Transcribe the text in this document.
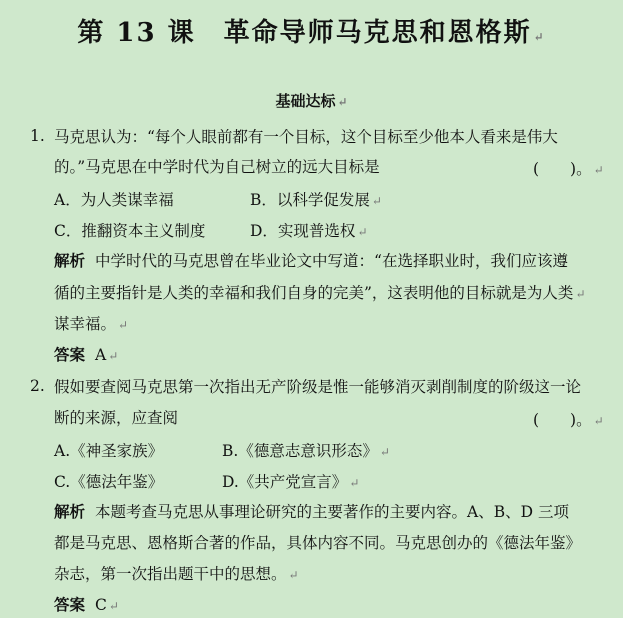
第 13 课　革命导师马克思和恩格斯 ↵
基础达标 ↵
1. 马克思认为：“每个人眼前都有一个目标，这个目标至少他本人看来是伟大
的。”马克思在中学时代为自己树立的远大目标是	(　　)。 ↵
A．为人类谋幸福	B．以科学促发展 ↵
C．推翻资本主义制度	D．实现普选权 ↵
解析 中学时代的马克思曾在毕业论文中写道：“在选择职业时，我们应该遵
循的主要指针是人类的幸福和我们自身的完美”，这表明他的目标就是为人类 ↵
谋幸福。 ↵
答案 A ↵
2. 假如要查阅马克思第一次指出无产阶级是惟一能够消灭剥削制度的阶级这一论
断的来源，应查阅	(　　)。 ↵
A.《神圣家族》	B.《德意志意识形态》 ↵
C.《德法年鉴》	D.《共产党宣言》 ↵
解析 本题考查马克思从事理论研究的主要著作的主要内容。A、B、D 三项
都是马克思、恩格斯合著的作品，具体内容不同。马克思创办的《德法年鉴》
杂志，第一次指出题干中的思想。 ↵
答案 C ↵
